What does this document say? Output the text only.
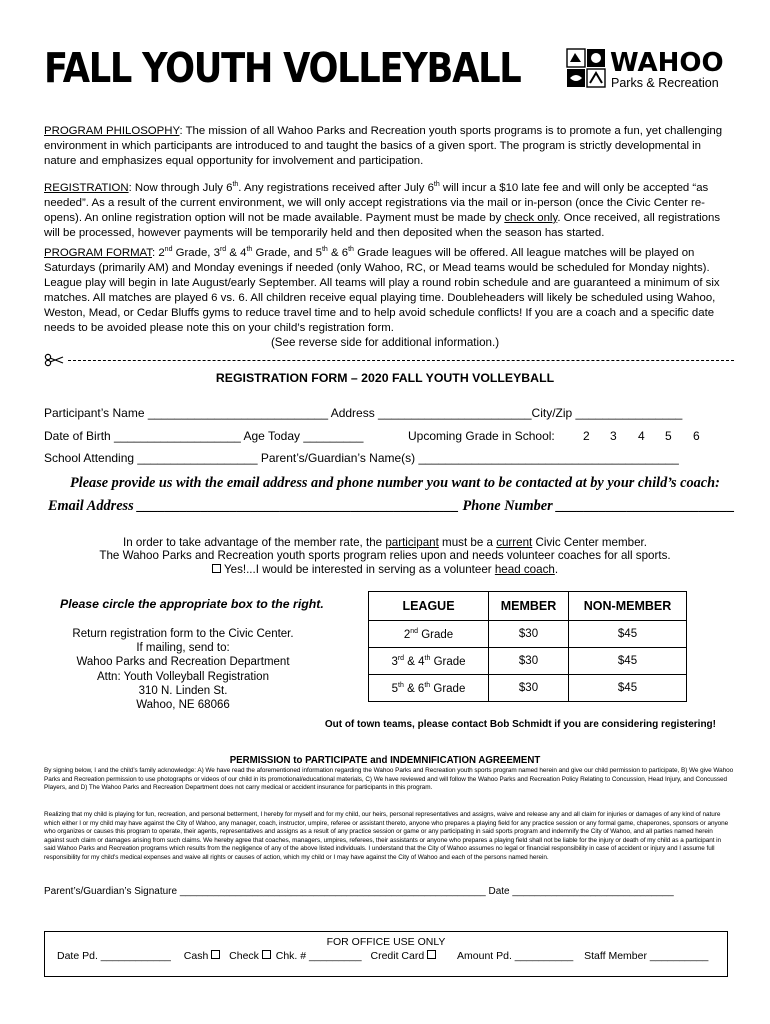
FALL YOUTH VOLLEYBALL	WAHOO
Parks & Recreation
PROGRAM PHILOSOPHY: The mission of all Wahoo Parks and Recreation youth sports programs is to promote a fun, yet challenging environment in which participants are introduced to and taught the basics of a given sport. The program is strictly developmental in nature and emphasizes equal opportunity for involvement and participation.
REGISTRATION: Now through July 6th. Any registrations received after July 6th will incur a $10 late fee and will only be accepted “as needed”. As a result of the current environment, we will only accept registrations via the mail or in-person (once the Civic Center re-opens). An online registration option will not be made available. Payment must be made by check only. Once received, all registrations will be processed, however payments will be temporarily held and then deposited when the season has started.
PROGRAM FORMAT: 2nd Grade, 3rd & 4th Grade, and 5th & 6th Grade leagues will be offered. All league matches will be played on Saturdays (primarily AM) and Monday evenings if needed (only Wahoo, RC, or Mead teams would be scheduled for Monday nights). League play will begin in late August/early September. All teams will play a round robin schedule and are guaranteed a minimum of six matches. All matches are played 6 vs. 6. All children receive equal playing time. Doubleheaders will likely be scheduled using Wahoo, Weston, Mead, or Cedar Bluffs gyms to reduce travel time and to help avoid schedule conflicts! If you are a coach and a specific date needs to be avoided please note this on your child’s registration form.
(See reverse side for additional information.)
REGISTRATION FORM – 2020 FALL YOUTH VOLLEYBALL
Participant’s Name ___________________________ Address _______________________City/Zip ________________
Date of Birth ___________________ Age Today _________	Upcoming Grade in School: 2 3 4 5 6
School Attending __________________ Parent’s/Guardian’s Name(s) _______________________________________
Please provide us with the email address and phone number you want to be contacted at by your child’s coach:
Email Address _____________________________________________ Phone Number _________________________
In order to take advantage of the member rate, the participant must be a current Civic Center member.
The Wahoo Parks and Recreation youth sports program relies upon and needs volunteer coaches for all sports.
Yes!...I would be interested in serving as a volunteer head coach.
Please circle the appropriate box to the right.
Return registration form to the Civic Center.
If mailing, send to:
Wahoo Parks and Recreation Department
Attn: Youth Volleyball Registration
310 N. Linden St.
Wahoo, NE 68066
LEAGUE	MEMBER	NON-MEMBER
2nd Grade	$30	$45
3rd & 4th Grade	$30	$45
5th & 6th Grade	$30	$45
Out of town teams, please contact Bob Schmidt if you are considering registering!
PERMISSION to PARTICIPATE and INDEMNIFICATION AGREEMENT
By signing below, I and the child’s family acknowledge: A) We have read the aforementioned information regarding the Wahoo Parks and Recreation youth sports program named herein and give our child permission to participate, B) We give Wahoo Parks and Recreation permission to use photographs or videos of our child in its promotional/educational materials, C) We have reviewed and will follow the Wahoo Parks and Recreation Policy Relating to Concussion, Head Injury, and Concussed Players, and D) The Wahoo Parks and Recreation Department does not carry medical or accident insurance for participants in this program.
Realizing that my child is playing for fun, recreation, and personal betterment, I hereby for myself and for my child, our heirs, personal representatives and assigns, waive and release any and all claim for injuries or damages of any kind of nature which either I or my child may have against the City of Wahoo, any manager, coach, instructor, umpire, referee or assistant thereto, anyone who prepares a playing field for any practice session or any formal game, chaperones, sponsors or anyone who organizes or causes this program to operate, their agents, representatives and assigns as a result of any practice session or game or any participating in said sports program and indemnify the City of Wahoo, and all parties named herein against such claim or damages arising from such claims. We hereby agree that coaches, managers, umpires, referees, their assistants or anyone who prepares a playing field shall not be liable for the injury or death of my child as a participant in said Wahoo Parks and Recreation programs which results from the negligence of any of the above listed individuals. I understand that the City of Wahoo assumes no legal or financial responsibility in case of accident or injury and I assume full responsibility for my child’s medical expenses and waive all rights or causes of action, which my child or I may have against the City of Wahoo and each of the persons named herein.
Parent’s/Guardian’s Signature _______________________________________________________ Date _____________________________
FOR OFFICE USE ONLY
Date Pd. ____________ Cash Check Chk. # _________ Credit Card	Amount Pd. __________ Staff Member __________
